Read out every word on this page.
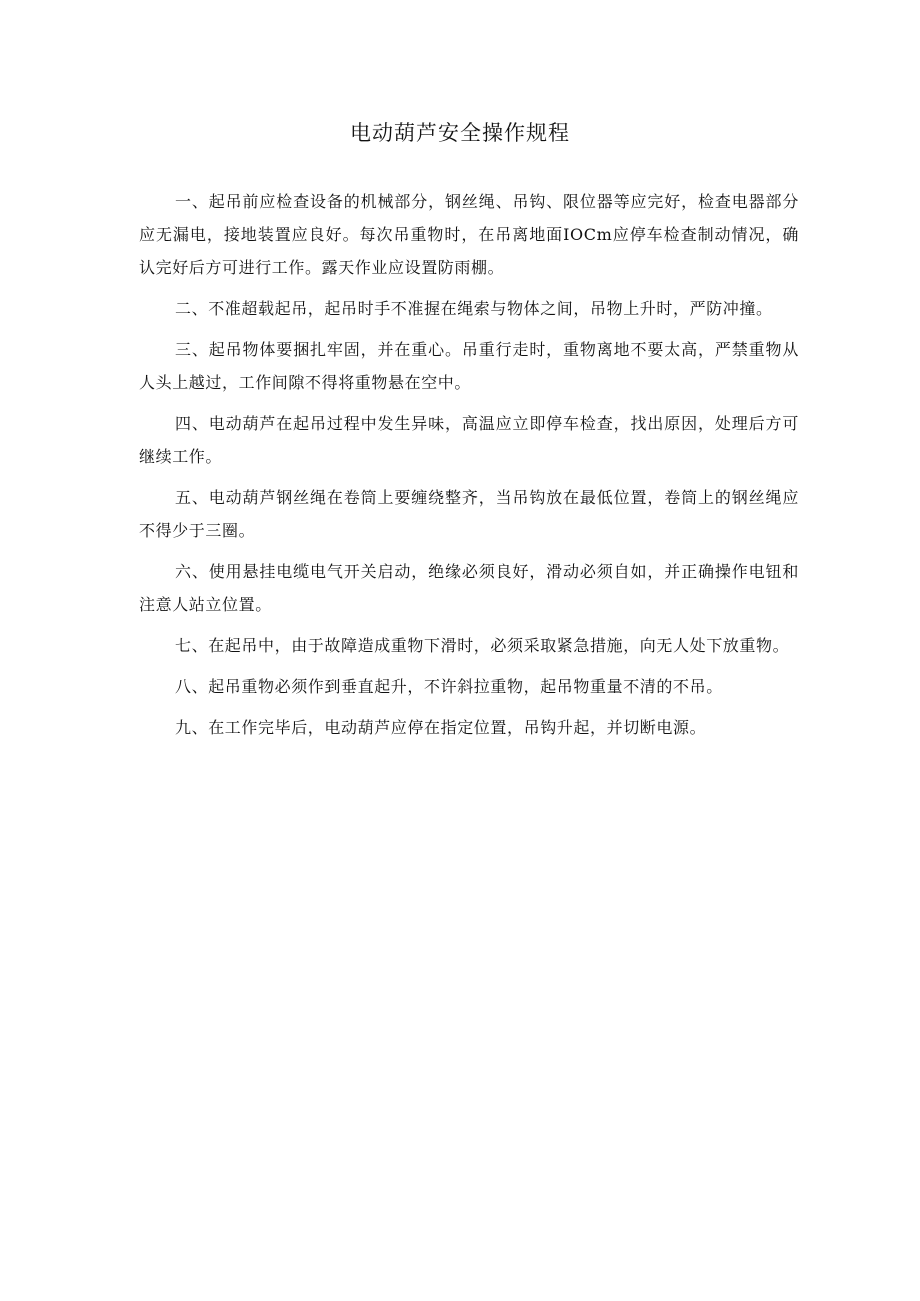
电动葫芦安全操作规程

一、起吊前应检查设备的机械部分，钢丝绳、吊钩、限位器等应完好，检查电器部分应无漏电，接地装置应良好。每次吊重物时，在吊离地面IOCm应停车检查制动情况，确认完好后方可进行工作。露天作业应设置防雨棚。

二、不准超载起吊，起吊时手不准握在绳索与物体之间，吊物上升时，严防冲撞。

三、起吊物体要捆扎牢固，并在重心。吊重行走时，重物离地不要太高，严禁重物从人头上越过，工作间隙不得将重物悬在空中。

四、电动葫芦在起吊过程中发生异味，高温应立即停车检查，找出原因，处理后方可继续工作。

五、电动葫芦钢丝绳在卷筒上要缠绕整齐，当吊钩放在最低位置，卷筒上的钢丝绳应不得少于三圈。

六、使用悬挂电缆电气开关启动，绝缘必须良好，滑动必须自如，并正确操作电钮和注意人站立位置。

七、在起吊中，由于故障造成重物下滑时，必须采取紧急措施，向无人处下放重物。

八、起吊重物必须作到垂直起升，不许斜拉重物，起吊物重量不清的不吊。

九、在工作完毕后，电动葫芦应停在指定位置，吊钩升起，并切断电源。
